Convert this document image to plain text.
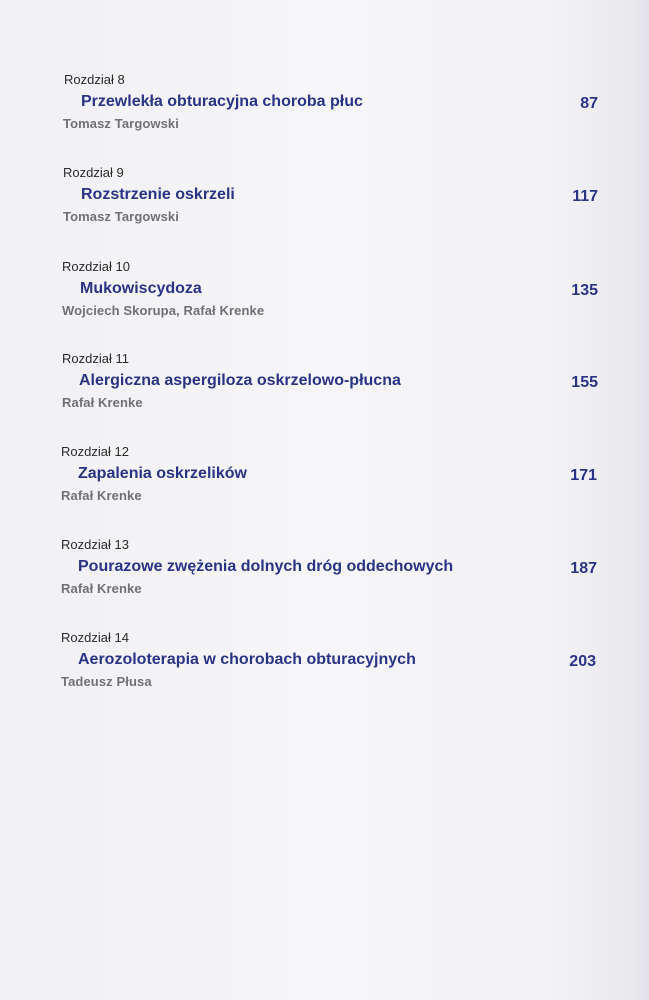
Rozdział 8
Przewlekła obturacyjna choroba płuc	87
Tomasz Targowski
Rozdział 9
Rozstrzenie oskrzeli	117
Tomasz Targowski
Rozdział 10
Mukowiscydoza	135
Wojciech Skorupa, Rafał Krenke
Rozdział 11
Alergiczna aspergiloza oskrzelowo-płucna	155
Rafał Krenke
Rozdział 12
Zapalenia oskrzelików	171
Rafał Krenke
Rozdział 13
Pourazowe zwężenia dolnych dróg oddechowych	187
Rafał Krenke
Rozdział 14
Aerozoloterapia w chorobach obturacyjnych	203
Tadeusz Płusa
